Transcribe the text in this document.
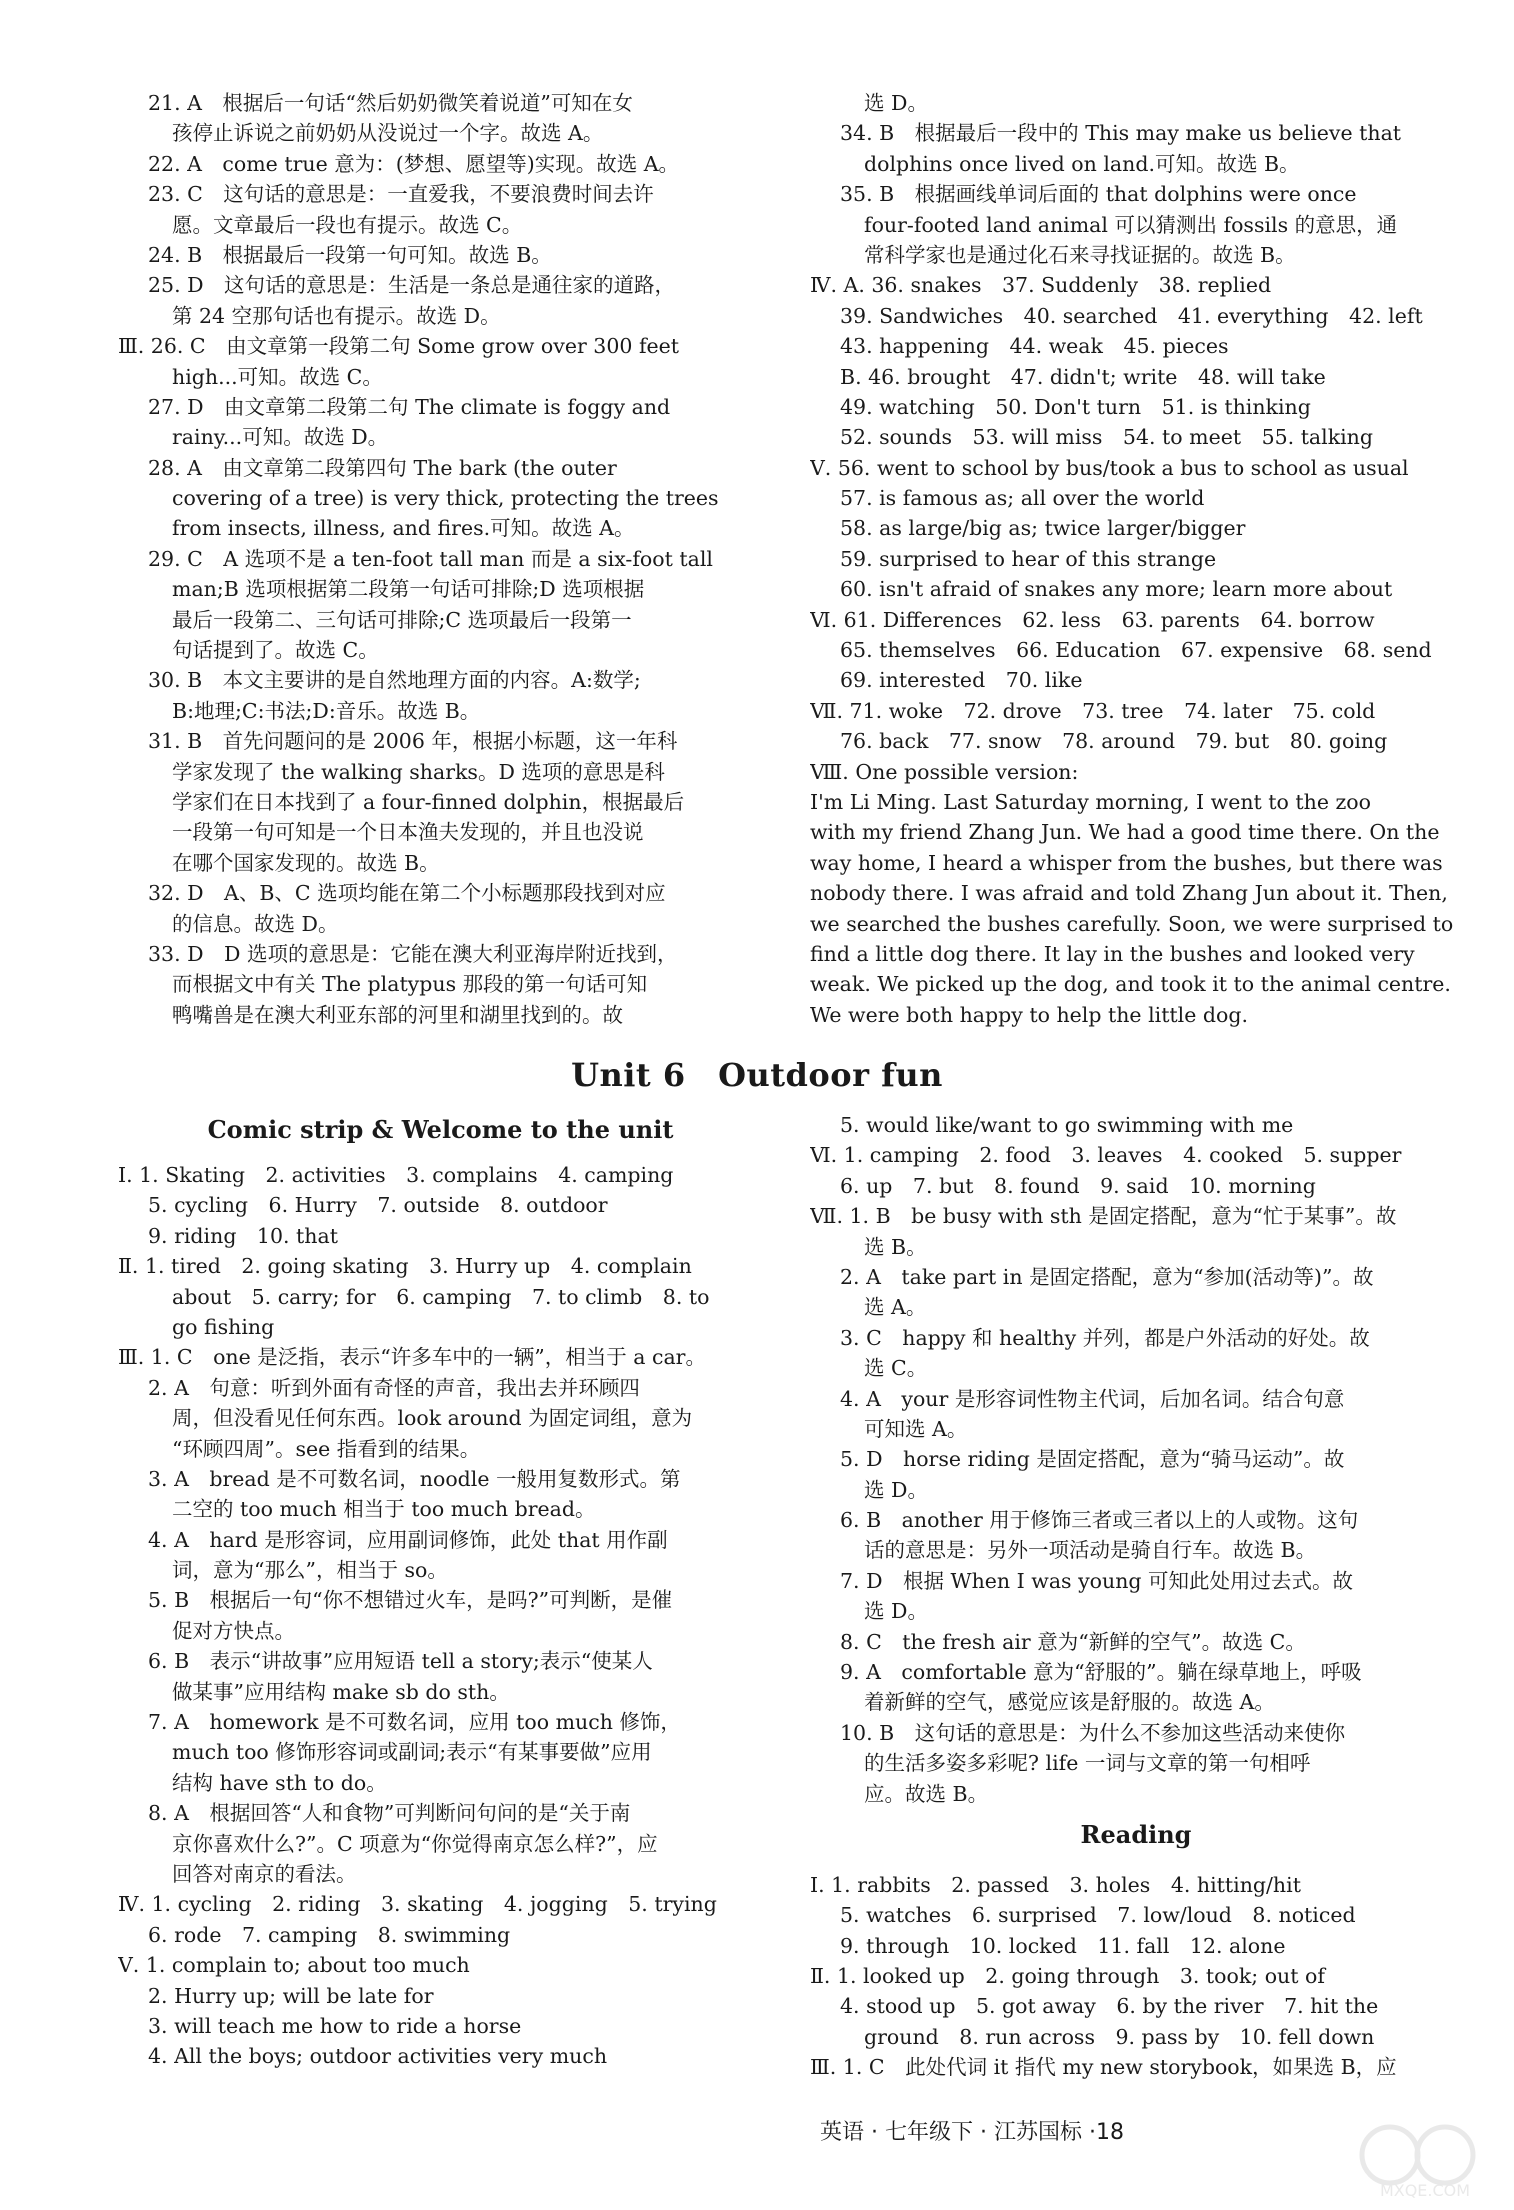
21. A　根据后一句话“然后奶奶微笑着说道”可知在女
孩停止诉说之前奶奶从没说过一个字。故选 A。
22. A　come true 意为：(梦想、愿望等)实现。故选 A。
23. C　这句话的意思是：一直爱我，不要浪费时间去许
愿。文章最后一段也有提示。故选 C。
24. B　根据最后一段第一句可知。故选 B。
25. D　这句话的意思是：生活是一条总是通往家的道路，
第 24 空那句话也有提示。故选 D。
Ⅲ. 26. C　由文章第一段第二句 Some grow over 300 feet
high...可知。故选 C。
27. D　由文章第二段第二句 The climate is foggy and
rainy...可知。故选 D。
28. A　由文章第二段第四句 The bark (the outer
covering of a tree) is very thick, protecting the trees
from insects, illness, and fires.可知。故选 A。
29. C　A 选项不是 a ten-foot tall man 而是 a six-foot tall
man;B 选项根据第二段第一句话可排除;D 选项根据
最后一段第二、三句话可排除;C 选项最后一段第一
句话提到了。故选 C。
30. B　本文主要讲的是自然地理方面的内容。A:数学;
B:地理;C:书法;D:音乐。故选 B。
31. B　首先问题问的是 2006 年，根据小标题，这一年科
学家发现了 the walking sharks。D 选项的意思是科
学家们在日本找到了 a four-finned dolphin，根据最后
一段第一句可知是一个日本渔夫发现的，并且也没说
在哪个国家发现的。故选 B。
32. D　A、B、C 选项均能在第二个小标题那段找到对应
的信息。故选 D。
33. D　D 选项的意思是：它能在澳大利亚海岸附近找到，
而根据文中有关 The platypus 那段的第一句话可知
鸭嘴兽是在澳大利亚东部的河里和湖里找到的。故
选 D。
34. B　根据最后一段中的 This may make us believe that
dolphins once lived on land.可知。故选 B。
35. B　根据画线单词后面的 that dolphins were once
four-footed land animal 可以猜测出 fossils 的意思，通
常科学家也是通过化石来寻找证据的。故选 B。
Ⅳ. A. 36. snakes　37. Suddenly　38. replied
39. Sandwiches　40. searched　41. everything　42. left
43. happening　44. weak　45. pieces
B. 46. brought　47. didn't; write　48. will take
49. watching　50. Don't turn　51. is thinking
52. sounds　53. will miss　54. to meet　55. talking
Ⅴ. 56. went to school by bus/took a bus to school as usual
57. is famous as; all over the world
58. as large/big as; twice larger/bigger
59. surprised to hear of this strange
60. isn't afraid of snakes any more; learn more about
Ⅵ. 61. Differences　62. less　63. parents　64. borrow
65. themselves　66. Education　67. expensive　68. send
69. interested　70. like
Ⅶ. 71. woke　72. drove　73. tree　74. later　75. cold
76. back　77. snow　78. around　79. but　80. going
Ⅷ. One possible version:
I'm Li Ming. Last Saturday morning, I went to the zoo
with my friend Zhang Jun. We had a good time there. On the
way home, I heard a whisper from the bushes, but there was
nobody there. I was afraid and told Zhang Jun about it. Then,
we searched the bushes carefully. Soon, we were surprised to
find a little dog there. It lay in the bushes and looked very
weak. We picked up the dog, and took it to the animal centre.
We were both happy to help the little dog.
Unit 6　Outdoor fun
Comic strip & Welcome to the unit
Ⅰ. 1. Skating　2. activities　3. complains　4. camping
5. cycling　6. Hurry　7. outside　8. outdoor
9. riding　10. that
Ⅱ. 1. tired　2. going skating　3. Hurry up　4. complain
about　5. carry; for　6. camping　7. to climb　8. to
go fishing
Ⅲ. 1. C　one 是泛指，表示“许多车中的一辆”，相当于 a car。
2. A　句意：听到外面有奇怪的声音，我出去并环顾四
周，但没看见任何东西。look around 为固定词组，意为
“环顾四周”。see 指看到的结果。
3. A　bread 是不可数名词，noodle 一般用复数形式。第
二空的 too much 相当于 too much bread。
4. A　hard 是形容词，应用副词修饰，此处 that 用作副
词，意为“那么”，相当于 so。
5. B　根据后一句“你不想错过火车，是吗?”可判断，是催
促对方快点。
6. B　表示“讲故事”应用短语 tell a story;表示“使某人
做某事”应用结构 make sb do sth。
7. A　homework 是不可数名词，应用 too much 修饰，
much too 修饰形容词或副词;表示“有某事要做”应用
结构 have sth to do。
8. A　根据回答“人和食物”可判断问句问的是“关于南
京你喜欢什么?”。C 项意为“你觉得南京怎么样?”，应
回答对南京的看法。
Ⅳ. 1. cycling　2. riding　3. skating　4. jogging　5. trying
6. rode　7. camping　8. swimming
Ⅴ. 1. complain to; about too much
2. Hurry up; will be late for
3. will teach me how to ride a horse
4. All the boys; outdoor activities very much
5. would like/want to go swimming with me
Ⅵ. 1. camping　2. food　3. leaves　4. cooked　5. supper
6. up　7. but　8. found　9. said　10. morning
Ⅶ. 1. B　be busy with sth 是固定搭配，意为“忙于某事”。故
选 B。
2. A　take part in 是固定搭配，意为“参加(活动等)”。故
选 A。
3. C　happy 和 healthy 并列，都是户外活动的好处。故
选 C。
4. A　your 是形容词性物主代词，后加名词。结合句意
可知选 A。
5. D　horse riding 是固定搭配，意为“骑马运动”。故
选 D。
6. B　another 用于修饰三者或三者以上的人或物。这句
话的意思是：另外一项活动是骑自行车。故选 B。
7. D　根据 When I was young 可知此处用过去式。故
选 D。
8. C　the fresh air 意为“新鲜的空气”。故选 C。
9. A　comfortable 意为“舒服的”。躺在绿草地上，呼吸
着新鲜的空气，感觉应该是舒服的。故选 A。
10. B　这句话的意思是：为什么不参加这些活动来使你
的生活多姿多彩呢? life 一词与文章的第一句相呼
应。故选 B。
Ⅰ. 1. rabbits　2. passed　3. holes　4. hitting/hit
5. watches　6. surprised　7. low/loud　8. noticed
9. through　10. locked　11. fall　12. alone
Ⅱ. 1. looked up　2. going through　3. took; out of
4. stood up　5. got away　6. by the river　7. hit the
ground　8. run across　9. pass by　10. fell down
Ⅲ. 1. C　此处代词 it 指代 my new storybook，如果选 B，应
Reading
英语 · 七年级下 · 江苏国标 ·18
MXQE.COM
